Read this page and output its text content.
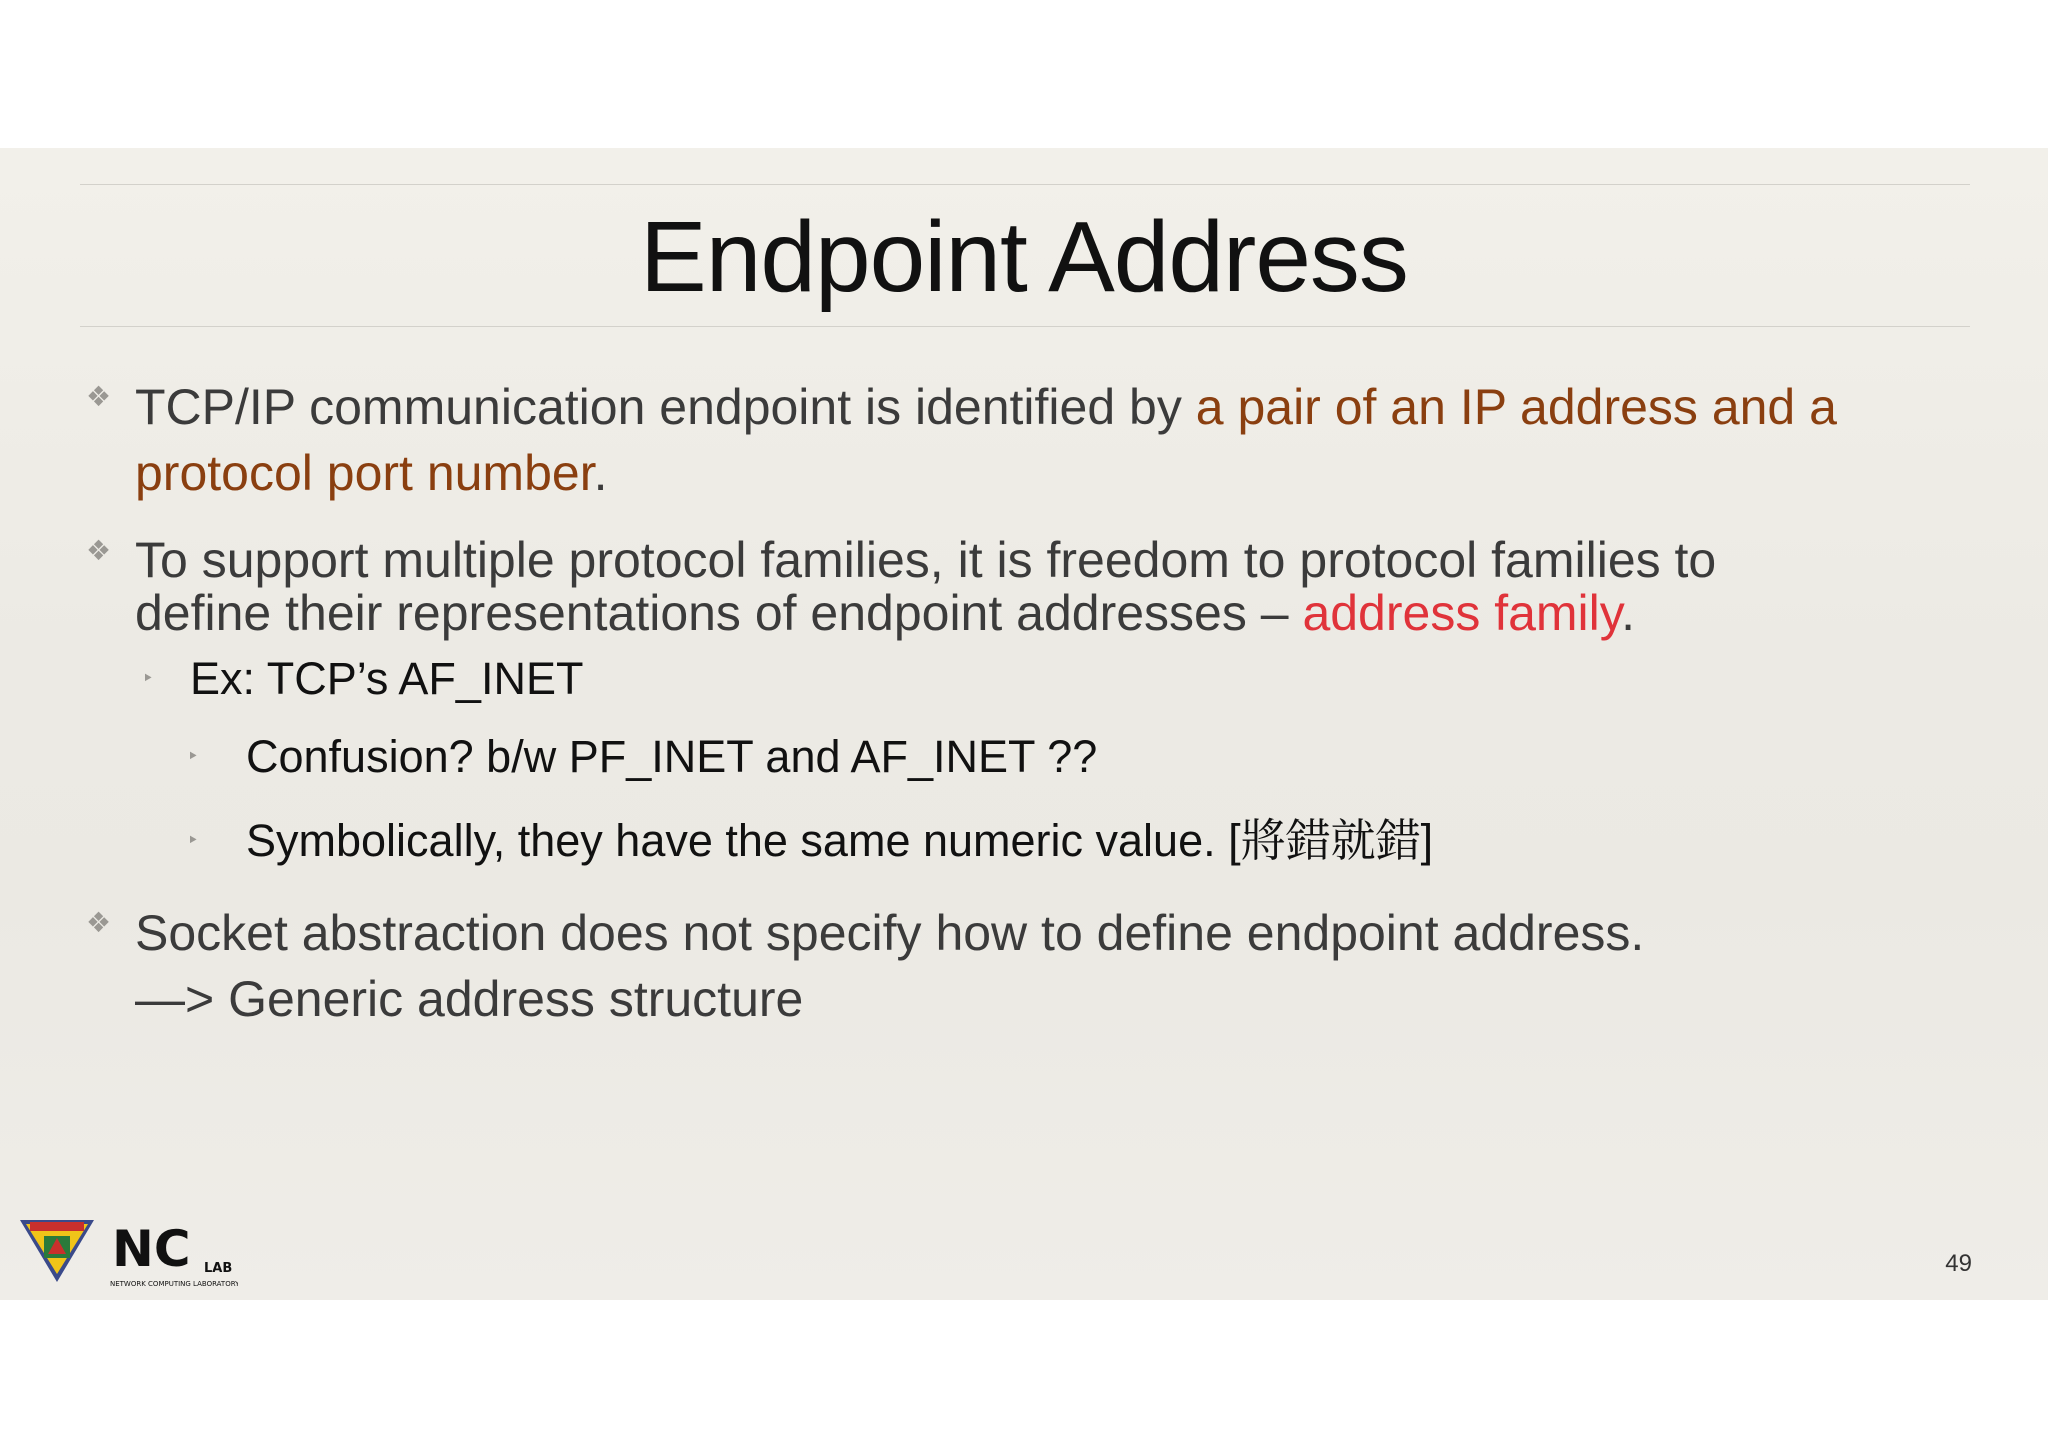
Endpoint Address
❖ TCP/IP communication endpoint is identified by a pair of an IP address and a
protocol port number.
❖ To support multiple protocol families, it is freedom to protocol families to
define their representations of endpoint addresses – address family.
‣ Ex: TCP’s AF_INET
‣ Confusion? b/w PF_INET and AF_INET ??
‣ Symbolically, they have the same numeric value. [將錯就錯]
❖ Socket abstraction does not specify how to define endpoint address.
—> Generic address structure
NC LAB
NETWORK COMPUTING LABORATORY
49
